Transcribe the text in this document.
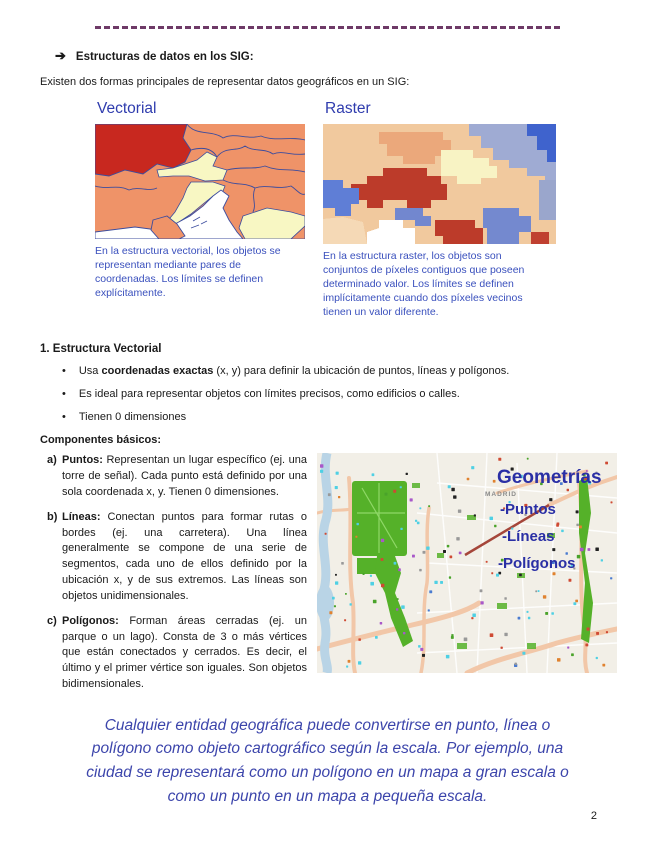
➔ Estructuras de datos en los SIG:

Existen dos formas principales de representar datos geográficos en un SIG:

Vectorial
En la estructura vectorial, los objetos se representan mediante pares de coordenadas. Los límites se definen explícitamente.
Raster
En la estructura raster, los objetos son conjuntos de píxeles contiguos que poseen determinado valor. Los límites se definen implícitamente cuando dos píxeles vecinos tienen un valor diferente.
1. Estructura Vectorial
• Usa coordenadas exactas (x, y) para definir la ubicación de puntos, líneas y polígonos.
• Es ideal para representar objetos con límites precisos, como edificios o calles.
• Tienen 0 dimensiones
Componentes básicos:
a) Puntos: Representan un lugar específico (ej. una torre de señal). Cada punto está definido por una sola coordenada x, y. Tienen 0 dimensiones.
b) Líneas: Conectan puntos para formar rutas o bordes (ej. una carretera). Una línea generalmente se compone de una serie de segmentos, cada uno de ellos definido por la ubicación x, y de sus extremos. Las líneas son objetos unidimensionales.
c) Polígonos: Forman áreas cerradas (ej. un parque o un lago). Consta de 3 o más vértices que están conectados y cerrados. Es decir, el último y el primer vértice son iguales. Son objetos bidimensionales.
Geometrías
MADRID
-Puntos
-Líneas
-Polígonos
Cualquier entidad geográfica puede convertirse en punto, línea o polígono como objeto cartográfico según la escala. Por ejemplo, una ciudad se representará como un polígono en un mapa a gran escala o como un punto en un mapa a pequeña escala.
2
